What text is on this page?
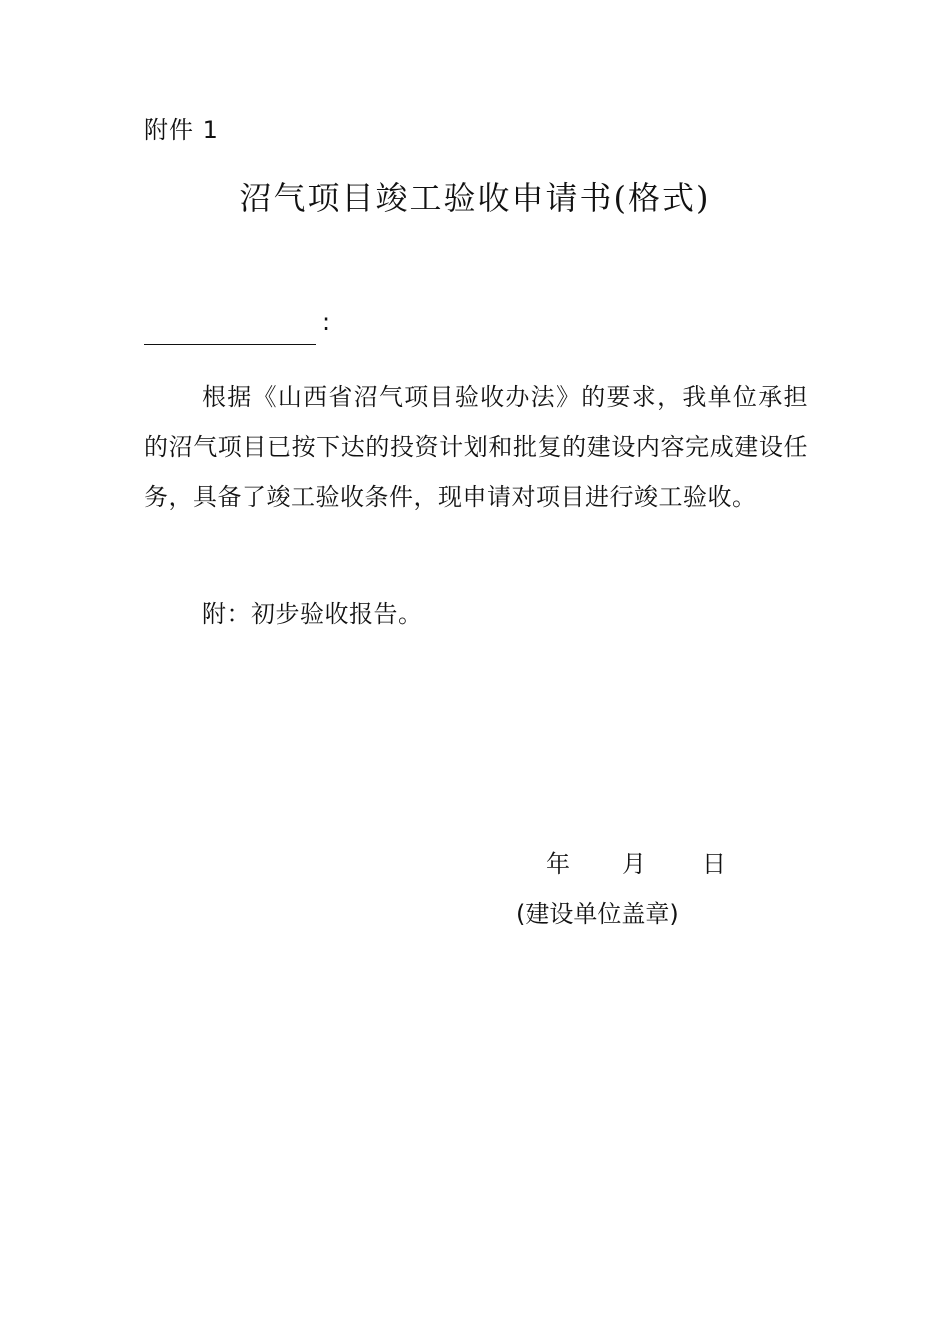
附件 1
沼气项目竣工验收申请书(格式)
:

根据《山西省沼气项目验收办法》的要求，我单位承担的沼气项目已按下达的投资计划和批复的建设内容完成建设任务，具备了竣工验收条件，现申请对项目进行竣工验收。

附：初步验收报告。
年 月 日
(建设单位盖章)
